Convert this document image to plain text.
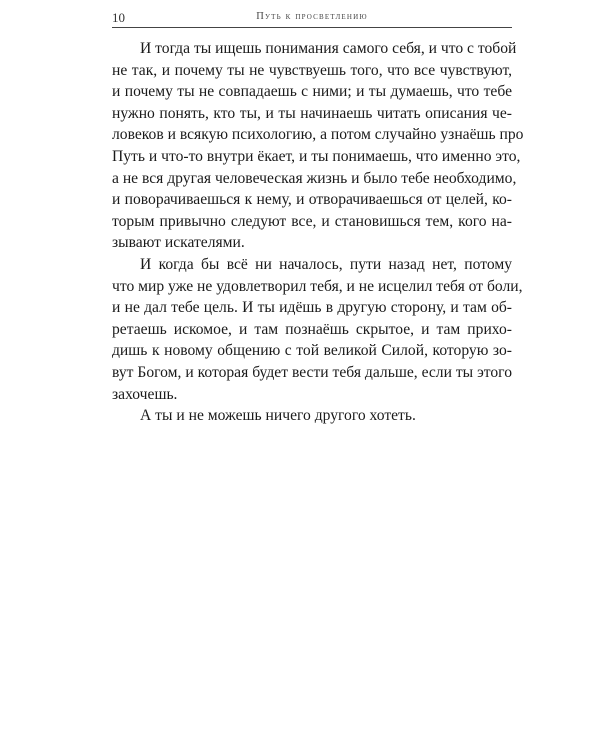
10	Путь к просветлению

И тогда ты ищешь понимания самого себя, и что с тобой
не так, и почему ты не чувствуешь того, что все чувствуют,
и почему ты не совпадаешь с ними; и ты думаешь, что тебе
нужно понять, кто ты, и ты начинаешь читать описания че-
ловеков и всякую психологию, а потом случайно узнаёшь про
Путь и что-то внутри ёкает, и ты понимаешь, что именно это,
а не вся другая человеческая жизнь и было тебе необходимо,
и поворачиваешься к нему, и отворачиваешься от целей, ко-
торым привычно следуют все, и становишься тем, кого на-
зывают искателями.

И когда бы всё ни началось, пути назад нет, потому
что мир уже не удовлетворил тебя, и не исцелил тебя от боли,
и не дал тебе цель. И ты идёшь в другую сторону, и там об-
ретаешь искомое, и там познаёшь скрытое, и там прихо-
дишь к новому общению с той великой Силой, которую зо-
вут Богом, и которая будет вести тебя дальше, если ты этого
захочешь.

А ты и не можешь ничего другого хотеть.
